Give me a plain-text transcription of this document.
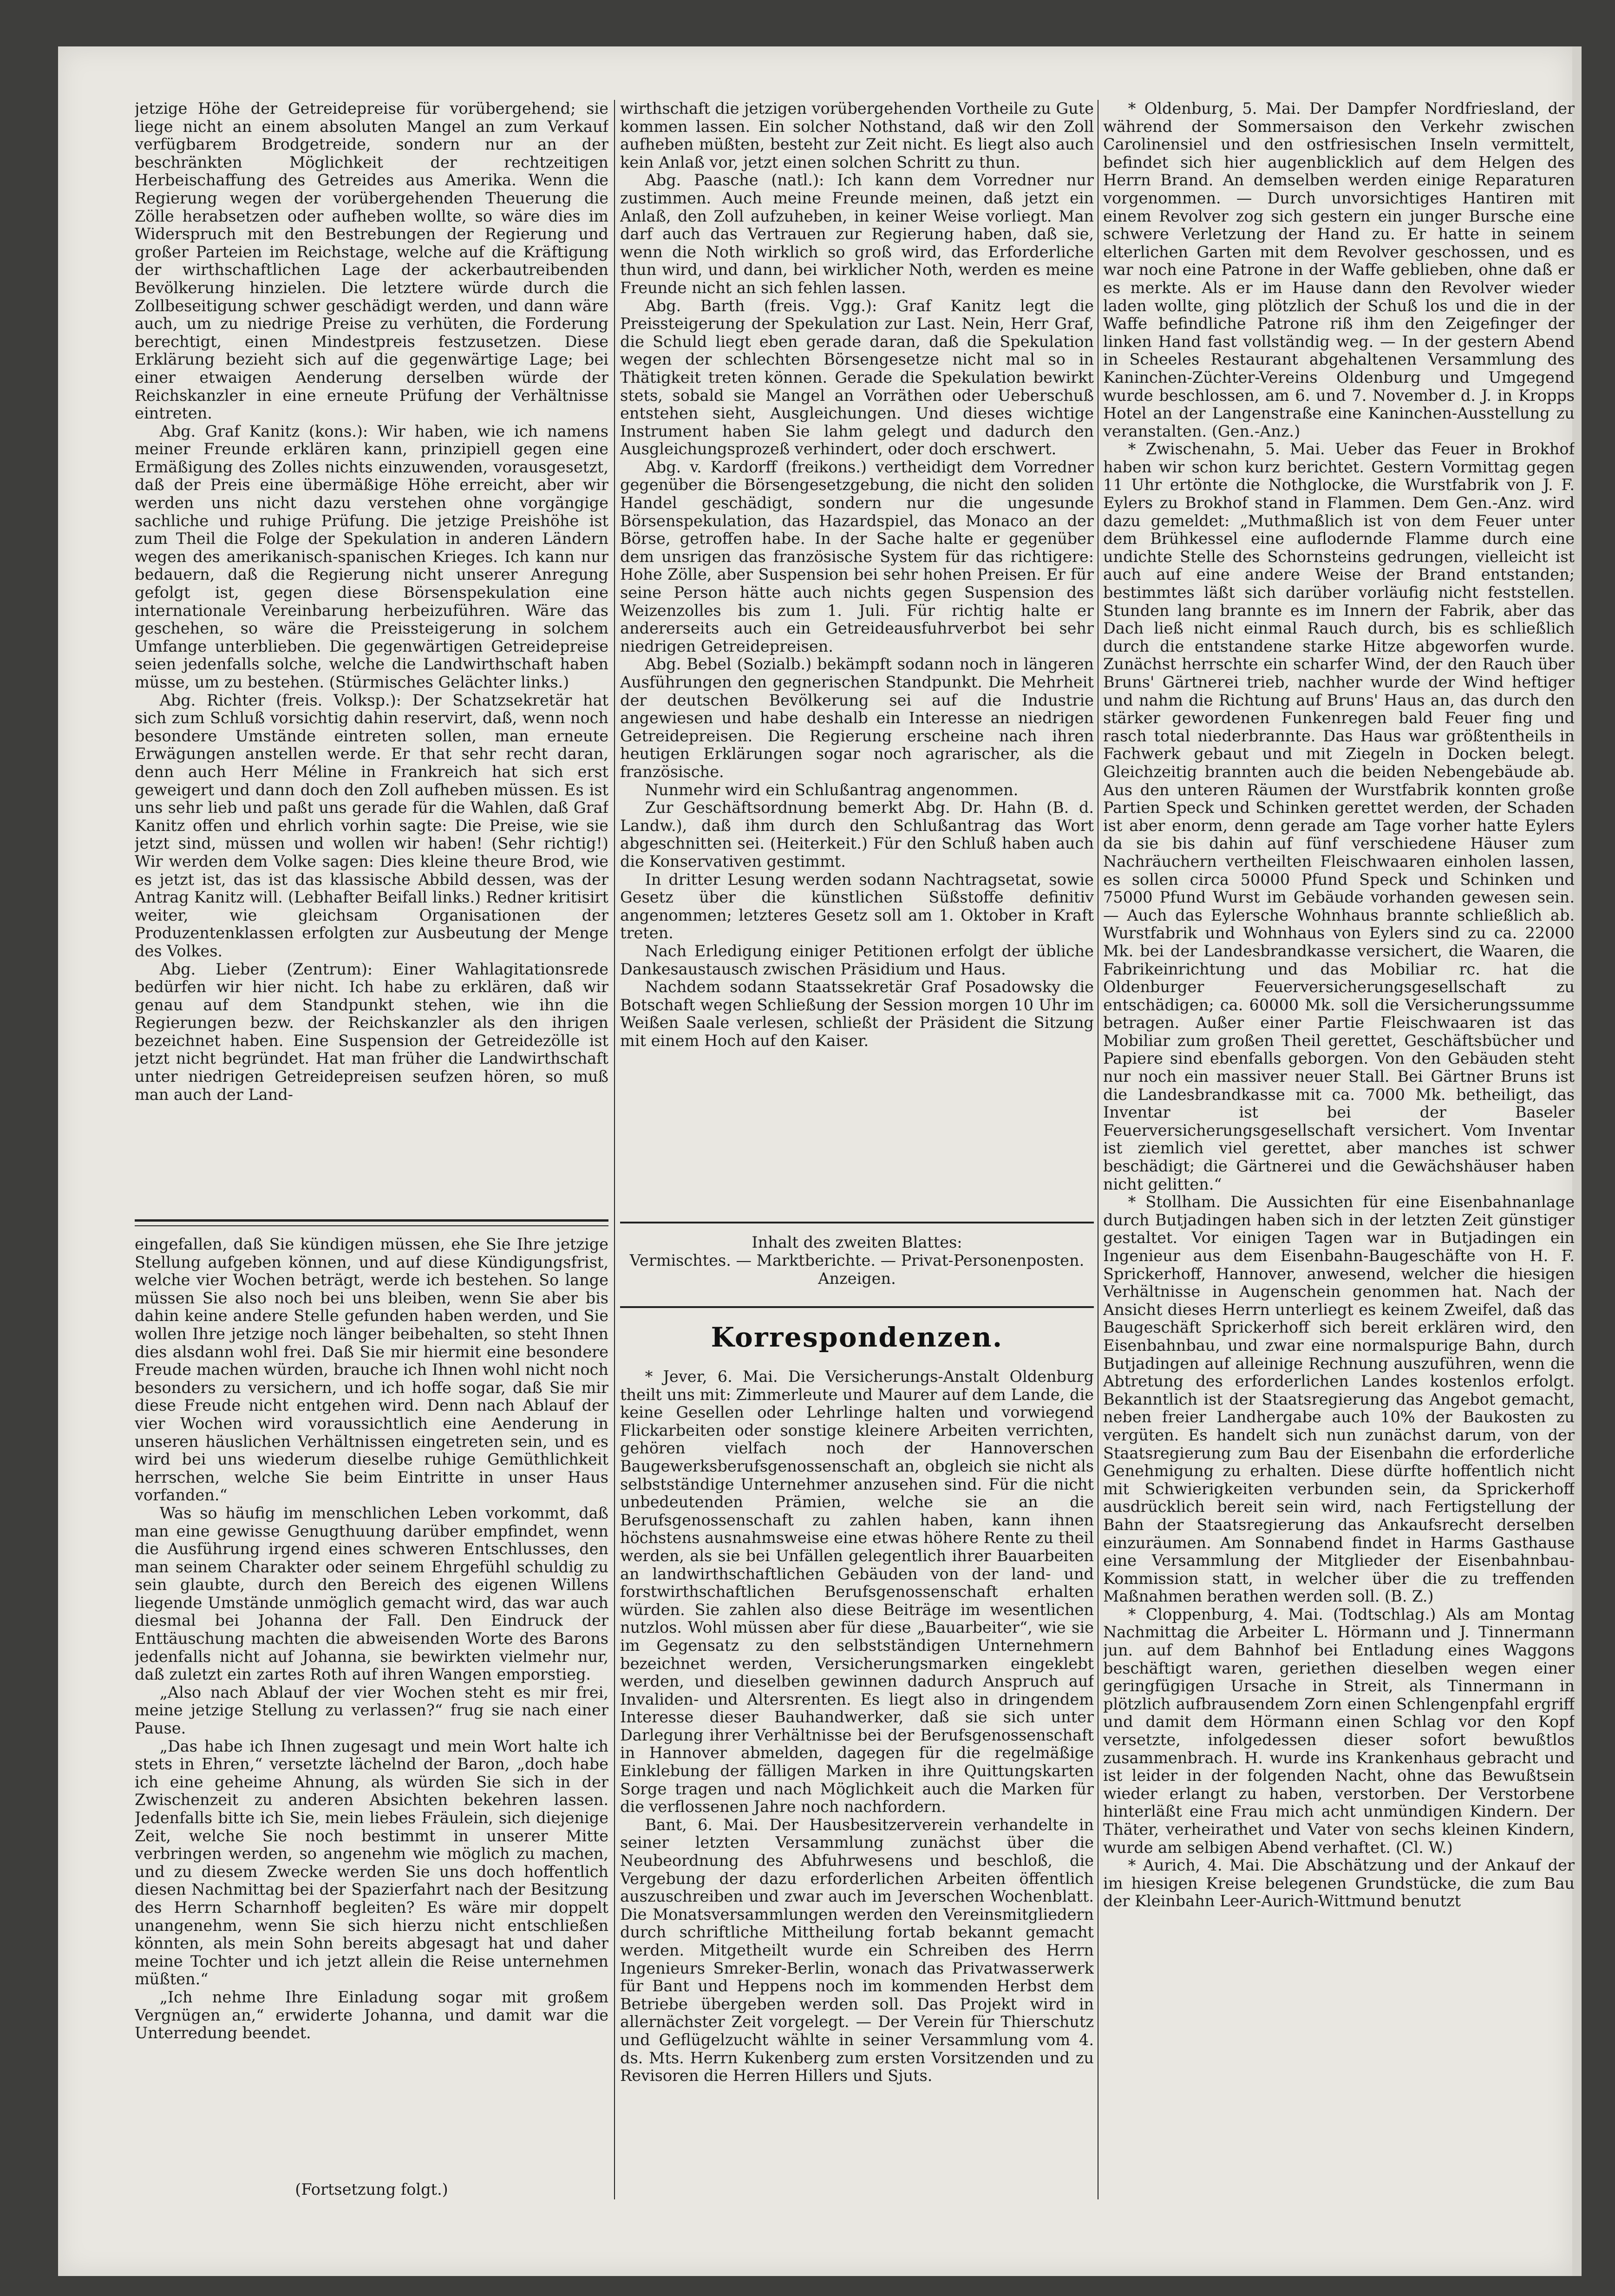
jetzige Höhe der Getreidepreise für vorübergehend; sie liege nicht an einem absoluten Mangel an zum Verkauf verfügbarem Brodgetreide, sondern nur an der beschränkten Möglichkeit der rechtzeitigen Herbeischaffung des Getreides aus Amerika. Wenn die Regierung wegen der vorübergehenden Theuerung die Zölle herabsetzen oder aufheben wollte, so wäre dies im Widerspruch mit den Bestrebungen der Regierung und großer Parteien im Reichstage, welche auf die Kräftigung der wirthschaftlichen Lage der ackerbautreibenden Bevölkerung hinzielen. Die letztere würde durch die Zollbeseitigung schwer geschädigt werden, und dann wäre auch, um zu niedrige Preise zu verhüten, die Forderung berechtigt, einen Mindestpreis festzusetzen. Diese Erklärung bezieht sich auf die gegenwärtige Lage; bei einer etwaigen Aenderung derselben würde der Reichskanzler in eine erneute Prüfung der Verhältnisse eintreten.

Abg. Graf Kanitz (kons.): Wir haben, wie ich namens meiner Freunde erklären kann, prinzipiell gegen eine Ermäßigung des Zolles nichts einzuwenden, vorausgesetzt, daß der Preis eine übermäßige Höhe erreicht, aber wir werden uns nicht dazu verstehen ohne vorgängige sachliche und ruhige Prüfung. Die jetzige Preishöhe ist zum Theil die Folge der Spekulation in anderen Ländern wegen des amerikanisch-spanischen Krieges. Ich kann nur bedauern, daß die Regierung nicht unserer Anregung gefolgt ist, gegen diese Börsenspekulation eine internationale Vereinbarung herbeizuführen. Wäre das geschehen, so wäre die Preissteigerung in solchem Umfange unterblieben. Die gegenwärtigen Getreidepreise seien jedenfalls solche, welche die Landwirthschaft haben müsse, um zu bestehen. (Stürmisches Gelächter links.)

Abg. Richter (freis. Volksp.): Der Schatzsekretär hat sich zum Schluß vorsichtig dahin reservirt, daß, wenn noch besondere Umstände eintreten sollen, man erneute Erwägungen anstellen werde. Er that sehr recht daran, denn auch Herr Méline in Frankreich hat sich erst geweigert und dann doch den Zoll aufheben müssen. Es ist uns sehr lieb und paßt uns gerade für die Wahlen, daß Graf Kanitz offen und ehrlich vorhin sagte: Die Preise, wie sie jetzt sind, müssen und wollen wir haben! (Sehr richtig!) Wir werden dem Volke sagen: Dies kleine theure Brod, wie es jetzt ist, das ist das klassische Abbild dessen, was der Antrag Kanitz will. (Lebhafter Beifall links.) Redner kritisirt weiter, wie gleichsam Organisationen der Produzentenklassen erfolgten zur Ausbeutung der Menge des Volkes.

Abg. Lieber (Zentrum): Einer Wahlagitationsrede bedürfen wir hier nicht. Ich habe zu erklären, daß wir genau auf dem Standpunkt stehen, wie ihn die Regierungen bezw. der Reichskanzler als den ihrigen bezeichnet haben. Eine Suspension der Getreidezölle ist jetzt nicht begründet. Hat man früher die Landwirthschaft unter niedrigen Getreidepreisen seufzen hören, so muß man auch der Land-

wirthschaft die jetzigen vorübergehenden Vortheile zu Gute kommen lassen. Ein solcher Nothstand, daß wir den Zoll aufheben müßten, besteht zur Zeit nicht. Es liegt also auch kein Anlaß vor, jetzt einen solchen Schritt zu thun.

Abg. Paasche (natl.): Ich kann dem Vorredner nur zustimmen. Auch meine Freunde meinen, daß jetzt ein Anlaß, den Zoll aufzuheben, in keiner Weise vorliegt. Man darf auch das Vertrauen zur Regierung haben, daß sie, wenn die Noth wirklich so groß wird, das Erforderliche thun wird, und dann, bei wirklicher Noth, werden es meine Freunde nicht an sich fehlen lassen.

Abg. Barth (freis. Vgg.): Graf Kanitz legt die Preissteigerung der Spekulation zur Last. Nein, Herr Graf, die Schuld liegt eben gerade daran, daß die Spekulation wegen der schlechten Börsengesetze nicht mal so in Thätigkeit treten können. Gerade die Spekulation bewirkt stets, sobald sie Mangel an Vorräthen oder Ueberschuß entstehen sieht, Ausgleichungen. Und dieses wichtige Instrument haben Sie lahm gelegt und dadurch den Ausgleichungsprozeß verhindert, oder doch erschwert.

Abg. v. Kardorff (freikons.) vertheidigt dem Vorredner gegenüber die Börsengesetzgebung, die nicht den soliden Handel geschädigt, sondern nur die ungesunde Börsenspekulation, das Hazardspiel, das Monaco an der Börse, getroffen habe. In der Sache halte er gegenüber dem unsrigen das französische System für das richtigere: Hohe Zölle, aber Suspension bei sehr hohen Preisen. Er für seine Person hätte auch nichts gegen Suspension des Weizenzolles bis zum 1. Juli. Für richtig halte er andererseits auch ein Getreideausfuhrverbot bei sehr niedrigen Getreidepreisen.

Abg. Bebel (Sozialb.) bekämpft sodann noch in längeren Ausführungen den gegnerischen Standpunkt. Die Mehrheit der deutschen Bevölkerung sei auf die Industrie angewiesen und habe deshalb ein Interesse an niedrigen Getreidepreisen. Die Regierung erscheine nach ihren heutigen Erklärungen sogar noch agrarischer, als die französische.

Nunmehr wird ein Schlußantrag angenommen.

Zur Geschäftsordnung bemerkt Abg. Dr. Hahn (B. d. Landw.), daß ihm durch den Schlußantrag das Wort abgeschnitten sei. (Heiterkeit.) Für den Schluß haben auch die Konservativen gestimmt.

In dritter Lesung werden sodann Nachtragsetat, sowie Gesetz über die künstlichen Süßstoffe definitiv angenommen; letzteres Gesetz soll am 1. Oktober in Kraft treten.

Nach Erledigung einiger Petitionen erfolgt der übliche Dankesaustausch zwischen Präsidium und Haus.

Nachdem sodann Staatssekretär Graf Posadowsky die Botschaft wegen Schließung der Session morgen 10 Uhr im Weißen Saale verlesen, schließt der Präsident die Sitzung mit einem Hoch auf den Kaiser.

Inhalt des zweiten Blattes:
Vermischtes. — Marktberichte. — Privat-Personenposten. Anzeigen.
Korrespondenzen.

* Jever, 6. Mai. Die Versicherungs-Anstalt Oldenburg theilt uns mit: Zimmerleute und Maurer auf dem Lande, die keine Gesellen oder Lehrlinge halten und vorwiegend Flickarbeiten oder sonstige kleinere Arbeiten verrichten, gehören vielfach noch der Hannoverschen Baugewerksberufsgenossenschaft an, obgleich sie nicht als selbstständige Unternehmer anzusehen sind. Für die nicht unbedeutenden Prämien, welche sie an die Berufsgenossenschaft zu zahlen haben, kann ihnen höchstens ausnahmsweise eine etwas höhere Rente zu theil werden, als sie bei Unfällen gelegentlich ihrer Bauarbeiten an landwirthschaftlichen Gebäuden von der land- und forstwirthschaftlichen Berufsgenossenschaft erhalten würden. Sie zahlen also diese Beiträge im wesentlichen nutzlos. Wohl müssen aber für diese „Bauarbeiter“, wie sie im Gegensatz zu den selbstständigen Unternehmern bezeichnet werden, Versicherungsmarken eingeklebt werden, und dieselben gewinnen dadurch Anspruch auf Invaliden- und Altersrenten. Es liegt also in dringendem Interesse dieser Bauhandwerker, daß sie sich unter Darlegung ihrer Verhältnisse bei der Berufsgenossenschaft in Hannover abmelden, dagegen für die regelmäßige Einklebung der fälligen Marken in ihre Quittungskarten Sorge tragen und nach Möglichkeit auch die Marken für die verflossenen Jahre noch nachfordern.

Bant, 6. Mai. Der Hausbesitzerverein verhandelte in seiner letzten Versammlung zunächst über die Neubeordnung des Abfuhrwesens und beschloß, die Vergebung der dazu erforderlichen Arbeiten öffentlich auszuschreiben und zwar auch im Jeverschen Wochenblatt. Die Monatsversammlungen werden den Vereinsmitgliedern durch schriftliche Mittheilung fortab bekannt gemacht werden. Mitgetheilt wurde ein Schreiben des Herrn Ingenieurs Smreker-Berlin, wonach das Privatwasserwerk für Bant und Heppens noch im kommenden Herbst dem Betriebe übergeben werden soll. Das Projekt wird in allernächster Zeit vorgelegt. — Der Verein für Thierschutz und Geflügelzucht wählte in seiner Versammlung vom 4. ds. Mts. Herrn Kukenberg zum ersten Vorsitzenden und zu Revisoren die Herren Hillers und Sjuts.

eingefallen, daß Sie kündigen müssen, ehe Sie Ihre jetzige Stellung aufgeben können, und auf diese Kündigungsfrist, welche vier Wochen beträgt, werde ich bestehen. So lange müssen Sie also noch bei uns bleiben, wenn Sie aber bis dahin keine andere Stelle gefunden haben werden, und Sie wollen Ihre jetzige noch länger beibehalten, so steht Ihnen dies alsdann wohl frei. Daß Sie mir hiermit eine besondere Freude machen würden, brauche ich Ihnen wohl nicht noch besonders zu versichern, und ich hoffe sogar, daß Sie mir diese Freude nicht entgehen wird. Denn nach Ablauf der vier Wochen wird voraussichtlich eine Aenderung in unseren häuslichen Verhältnissen eingetreten sein, und es wird bei uns wiederum dieselbe ruhige Gemüthlichkeit herrschen, welche Sie beim Eintritte in unser Haus vorfanden.“

Was so häufig im menschlichen Leben vorkommt, daß man eine gewisse Genugthuung darüber empfindet, wenn die Ausführung irgend eines schweren Entschlusses, den man seinem Charakter oder seinem Ehrgefühl schuldig zu sein glaubte, durch den Bereich des eigenen Willens liegende Umstände unmöglich gemacht wird, das war auch diesmal bei Johanna der Fall. Den Eindruck der Enttäuschung machten die abweisenden Worte des Barons jedenfalls nicht auf Johanna, sie bewirkten vielmehr nur, daß zuletzt ein zartes Roth auf ihren Wangen emporstieg.

„Also nach Ablauf der vier Wochen steht es mir frei, meine jetzige Stellung zu verlassen?“ frug sie nach einer Pause.

„Das habe ich Ihnen zugesagt und mein Wort halte ich stets in Ehren,“ versetzte lächelnd der Baron, „doch habe ich eine geheime Ahnung, als würden Sie sich in der Zwischenzeit zu anderen Absichten bekehren lassen. Jedenfalls bitte ich Sie, mein liebes Fräulein, sich diejenige Zeit, welche Sie noch bestimmt in unserer Mitte verbringen werden, so angenehm wie möglich zu machen, und zu diesem Zwecke werden Sie uns doch hoffentlich diesen Nachmittag bei der Spazierfahrt nach der Besitzung des Herrn Scharnhoff begleiten? Es wäre mir doppelt unangenehm, wenn Sie sich hierzu nicht entschließen könnten, als mein Sohn bereits abgesagt hat und daher meine Tochter und ich jetzt allein die Reise unternehmen müßten.“

„Ich nehme Ihre Einladung sogar mit großem Vergnügen an,“ erwiderte Johanna, und damit war die Unterredung beendet.

(Fortsetzung folgt.)

* Oldenburg, 5. Mai. Der Dampfer Nordfriesland, der während der Sommersaison den Verkehr zwischen Carolinensiel und den ostfriesischen Inseln vermittelt, befindet sich hier augenblicklich auf dem Helgen des Herrn Brand. An demselben werden einige Reparaturen vorgenommen. — Durch unvorsichtiges Hantiren mit einem Revolver zog sich gestern ein junger Bursche eine schwere Verletzung der Hand zu. Er hatte in seinem elterlichen Garten mit dem Revolver geschossen, und es war noch eine Patrone in der Waffe geblieben, ohne daß er es merkte. Als er im Hause dann den Revolver wieder laden wollte, ging plötzlich der Schuß los und die in der Waffe befindliche Patrone riß ihm den Zeigefinger der linken Hand fast vollständig weg. — In der gestern Abend in Scheeles Restaurant abgehaltenen Versammlung des Kaninchen-Züchter-Vereins Oldenburg und Umgegend wurde beschlossen, am 6. und 7. November d. J. in Kropps Hotel an der Langenstraße eine Kaninchen-Ausstellung zu veranstalten. (Gen.-Anz.)

* Zwischenahn, 5. Mai. Ueber das Feuer in Brokhof haben wir schon kurz berichtet. Gestern Vormittag gegen 11 Uhr ertönte die Nothglocke, die Wurstfabrik von J. F. Eylers zu Brokhof stand in Flammen. Dem Gen.-Anz. wird dazu gemeldet: „Muthmaßlich ist von dem Feuer unter dem Brühkessel eine auflodernde Flamme durch eine undichte Stelle des Schornsteins gedrungen, vielleicht ist auch auf eine andere Weise der Brand entstanden; bestimmtes läßt sich darüber vorläufig nicht feststellen. Stunden lang brannte es im Innern der Fabrik, aber das Dach ließ nicht einmal Rauch durch, bis es schließlich durch die entstandene starke Hitze abgeworfen wurde. Zunächst herrschte ein scharfer Wind, der den Rauch über Bruns' Gärtnerei trieb, nachher wurde der Wind heftiger und nahm die Richtung auf Bruns' Haus an, das durch den stärker gewordenen Funkenregen bald Feuer fing und rasch total niederbrannte. Das Haus war größtentheils in Fachwerk gebaut und mit Ziegeln in Docken belegt. Gleichzeitig brannten auch die beiden Nebengebäude ab. Aus den unteren Räumen der Wurstfabrik konnten große Partien Speck und Schinken gerettet werden, der Schaden ist aber enorm, denn gerade am Tage vorher hatte Eylers da sie bis dahin auf fünf verschiedene Häuser zum Nachräuchern vertheilten Fleischwaaren einholen lassen, es sollen circa 50000 Pfund Speck und Schinken und 75000 Pfund Wurst im Gebäude vorhanden gewesen sein. — Auch das Eylersche Wohnhaus brannte schließlich ab. Wurstfabrik und Wohnhaus von Eylers sind zu ca. 22000 Mk. bei der Landesbrandkasse versichert, die Waaren, die Fabrikeinrichtung und das Mobiliar rc. hat die Oldenburger Feuerversicherungsgesellschaft zu entschädigen; ca. 60000 Mk. soll die Versicherungssumme betragen. Außer einer Partie Fleischwaaren ist das Mobiliar zum großen Theil gerettet, Geschäftsbücher und Papiere sind ebenfalls geborgen. Von den Gebäuden steht nur noch ein massiver neuer Stall. Bei Gärtner Bruns ist die Landesbrandkasse mit ca. 7000 Mk. betheiligt, das Inventar ist bei der Baseler Feuerversicherungsgesellschaft versichert. Vom Inventar ist ziemlich viel gerettet, aber manches ist schwer beschädigt; die Gärtnerei und die Gewächshäuser haben nicht gelitten.“

* Stollham. Die Aussichten für eine Eisenbahnanlage durch Butjadingen haben sich in der letzten Zeit günstiger gestaltet. Vor einigen Tagen war in Butjadingen ein Ingenieur aus dem Eisenbahn-Baugeschäfte von H. F. Sprickerhoff, Hannover, anwesend, welcher die hiesigen Verhältnisse in Augenschein genommen hat. Nach der Ansicht dieses Herrn unterliegt es keinem Zweifel, daß das Baugeschäft Sprickerhoff sich bereit erklären wird, den Eisenbahnbau, und zwar eine normalspurige Bahn, durch Butjadingen auf alleinige Rechnung auszuführen, wenn die Abtretung des erforderlichen Landes kostenlos erfolgt. Bekanntlich ist der Staatsregierung das Angebot gemacht, neben freier Landhergabe auch 10% der Baukosten zu vergüten. Es handelt sich nun zunächst darum, von der Staatsregierung zum Bau der Eisenbahn die erforderliche Genehmigung zu erhalten. Diese dürfte hoffentlich nicht mit Schwierigkeiten verbunden sein, da Sprickerhoff ausdrücklich bereit sein wird, nach Fertigstellung der Bahn der Staatsregierung das Ankaufsrecht derselben einzuräumen. Am Sonnabend findet in Harms Gasthause eine Versammlung der Mitglieder der Eisenbahnbau-Kommission statt, in welcher über die zu treffenden Maßnahmen berathen werden soll. (B. Z.)

* Cloppenburg, 4. Mai. (Todtschlag.) Als am Montag Nachmittag die Arbeiter L. Hörmann und J. Tinnermann jun. auf dem Bahnhof bei Entladung eines Waggons beschäftigt waren, geriethen dieselben wegen einer geringfügigen Ursache in Streit, als Tinnermann in plötzlich aufbrausendem Zorn einen Schlengenpfahl ergriff und damit dem Hörmann einen Schlag vor den Kopf versetzte, infolgedessen dieser sofort bewußtlos zusammenbrach. H. wurde ins Krankenhaus gebracht und ist leider in der folgenden Nacht, ohne das Bewußtsein wieder erlangt zu haben, verstorben. Der Verstorbene hinterläßt eine Frau mich acht unmündigen Kindern. Der Thäter, verheirathet und Vater von sechs kleinen Kindern, wurde am selbigen Abend verhaftet. (Cl. W.)

* Aurich, 4. Mai. Die Abschätzung und der Ankauf der im hiesigen Kreise belegenen Grundstücke, die zum Bau der Kleinbahn Leer-Aurich-Wittmund benutzt
